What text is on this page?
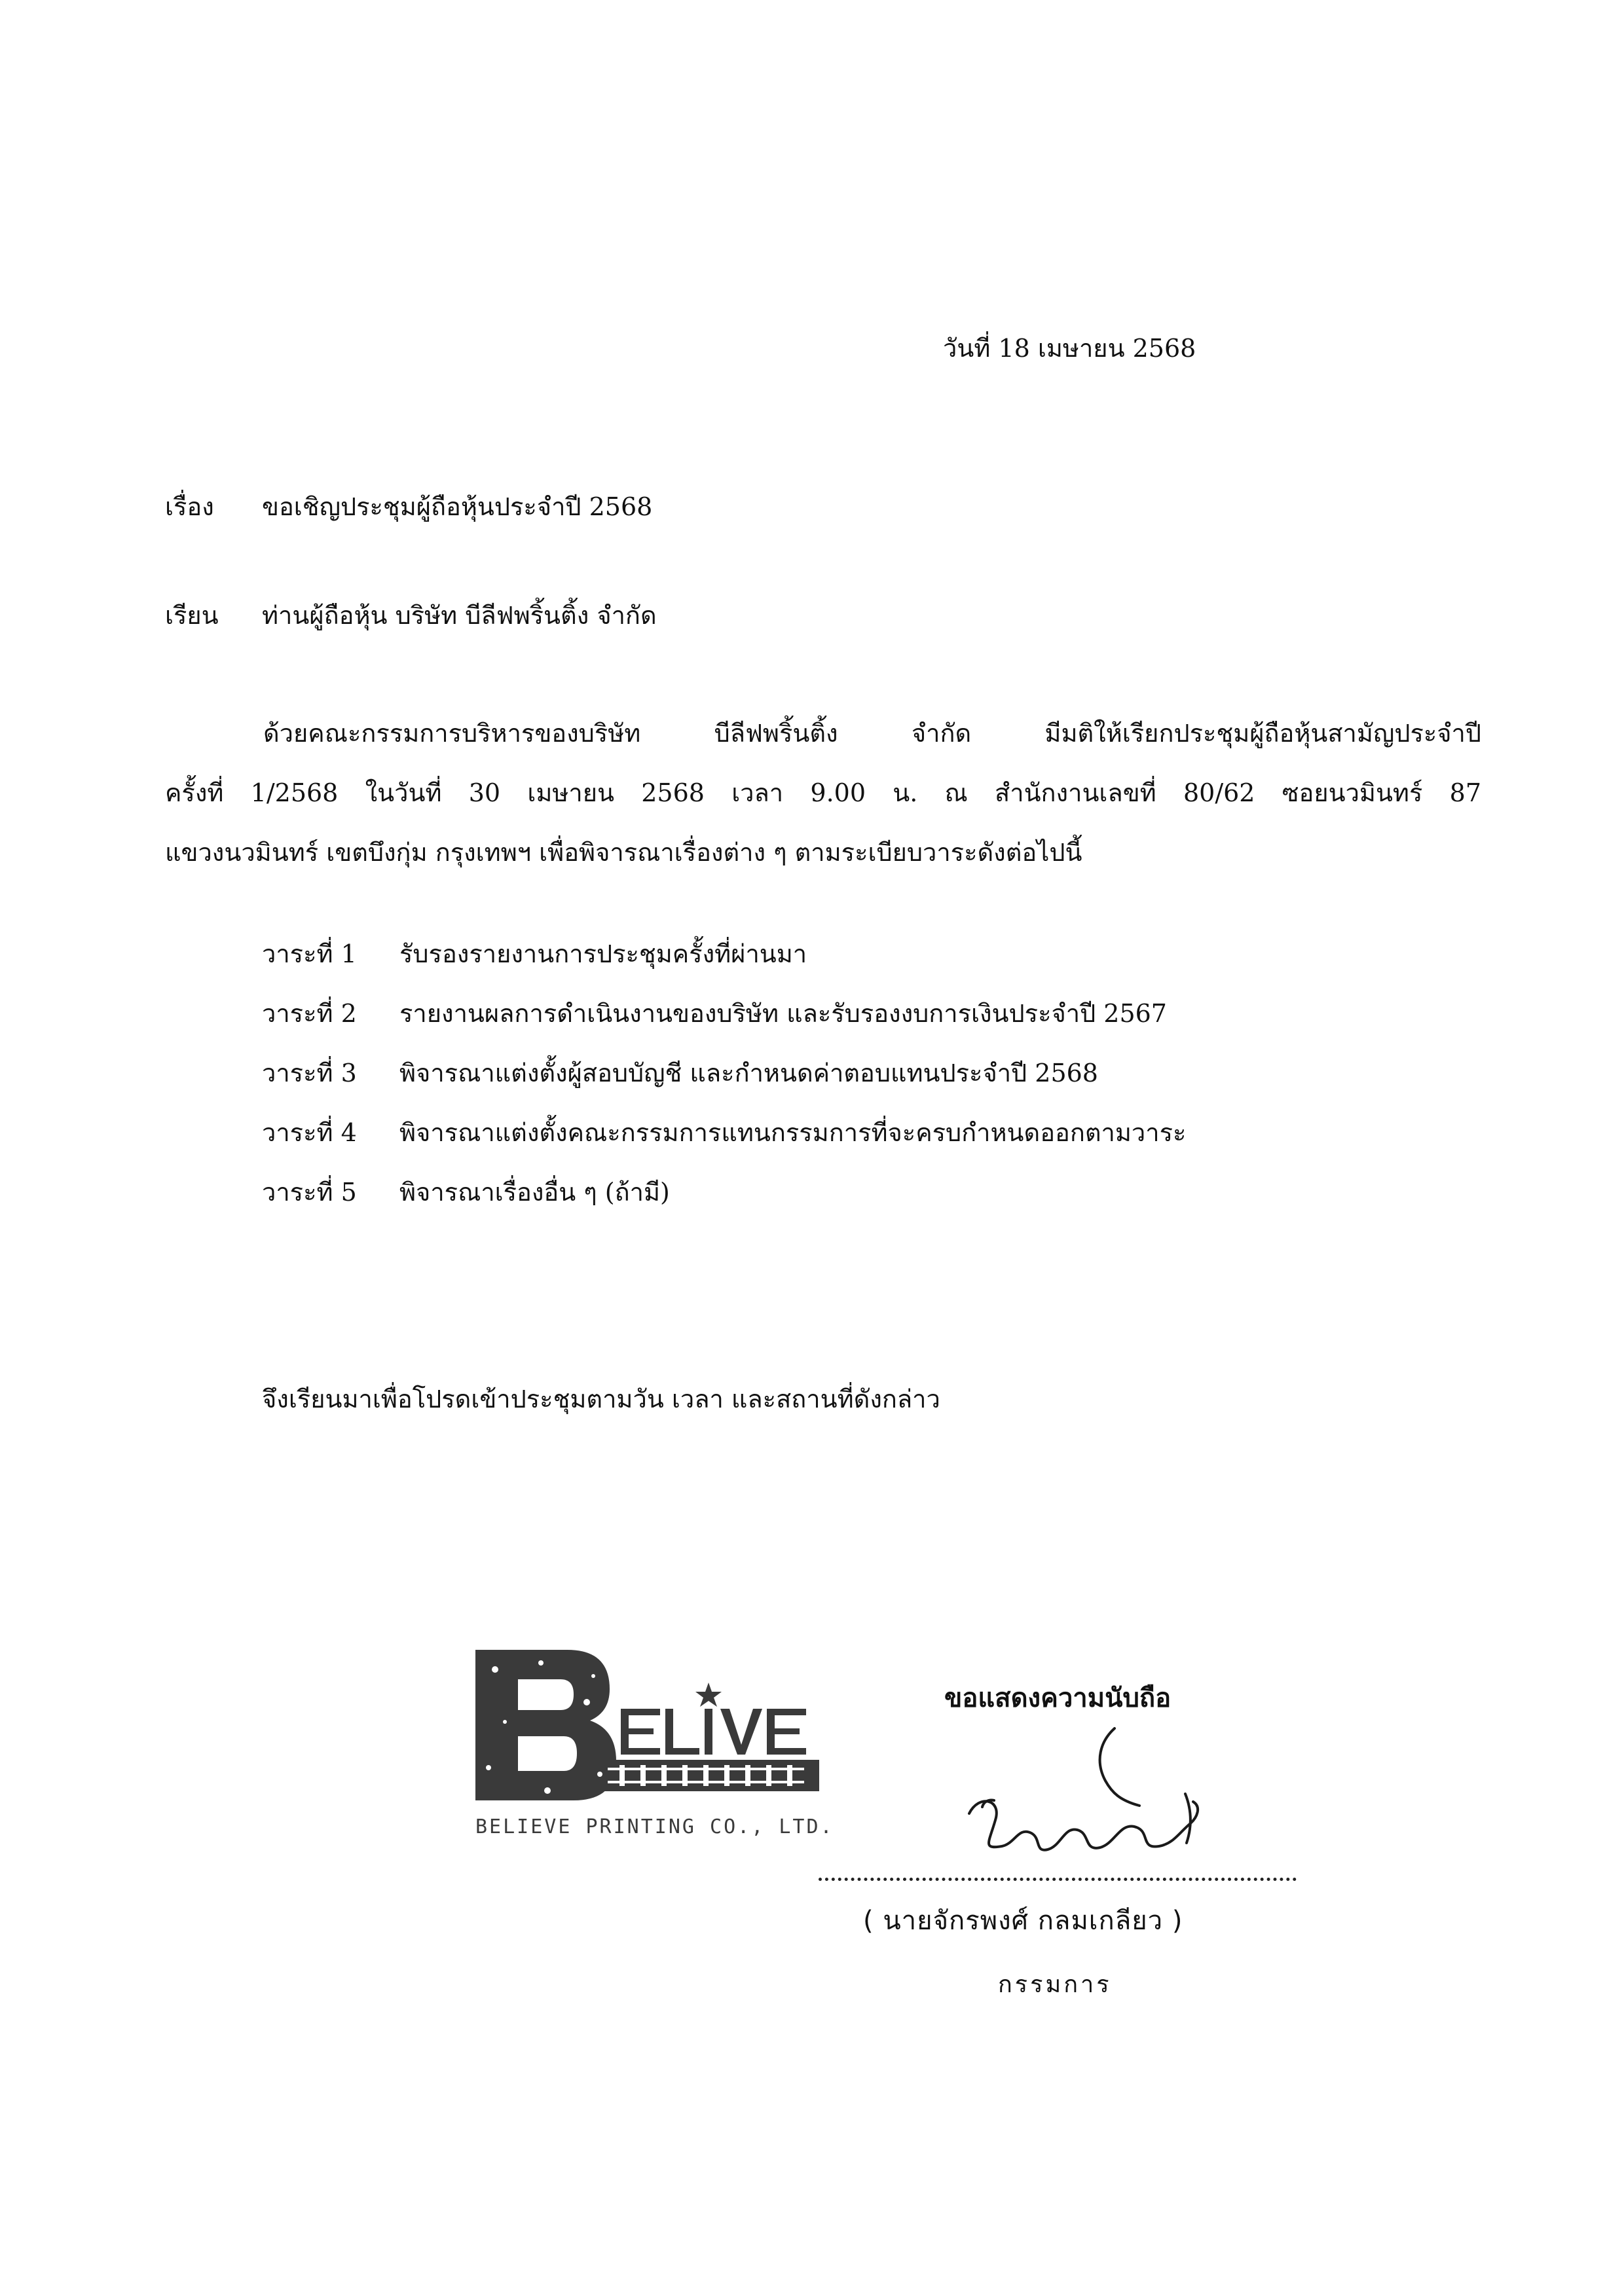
วันที่ 18 เมษายน 2568
เรื่อง ขอเชิญประชุมผู้ถือหุ้นประจำปี 2568
เรียน ท่านผู้ถือหุ้น บริษัท บีลีฟพริ้นติ้ง จำกัด

ด้วยคณะกรรมการบริหารของบริษัท บีลีฟพริ้นติ้ง จำกัด มีมติให้เรียกประชุมผู้ถือหุ้นสามัญประจำปี

ครั้งที่ 1/2568 ในวันที่ 30 เมษายน 2568 เวลา 9.00 น. ณ สำนักงานเลขที่ 80/62 ซอยนวมินทร์ 87

แขวงนวมินทร์ เขตบึงกุ่ม กรุงเทพฯ เพื่อพิจารณาเรื่องต่าง ๆ ตามระเบียบวาระดังต่อไปนี้

วาระที่ 1 รับรองรายงานการประชุมครั้งที่ผ่านมา
วาระที่ 2 รายงานผลการดำเนินงานของบริษัท และรับรองงบการเงินประจำปี 2567
วาระที่ 3 พิจารณาแต่งตั้งผู้สอบบัญชี และกำหนดค่าตอบแทนประจำปี 2568
วาระที่ 4 พิจารณาแต่งตั้งคณะกรรมการแทนกรรมการที่จะครบกำหนดออกตามวาระ
วาระที่ 5 พิจารณาเรื่องอื่น ๆ (ถ้ามี)
จึงเรียนมาเพื่อโปรดเข้าประชุมตามวัน เวลา และสถานที่ดังกล่าว
BELIEVE PRINTING CO., LTD.
ขอแสดงความนับถือ
( นายจักรพงศ์ กลมเกลียว )
กรรมการ
